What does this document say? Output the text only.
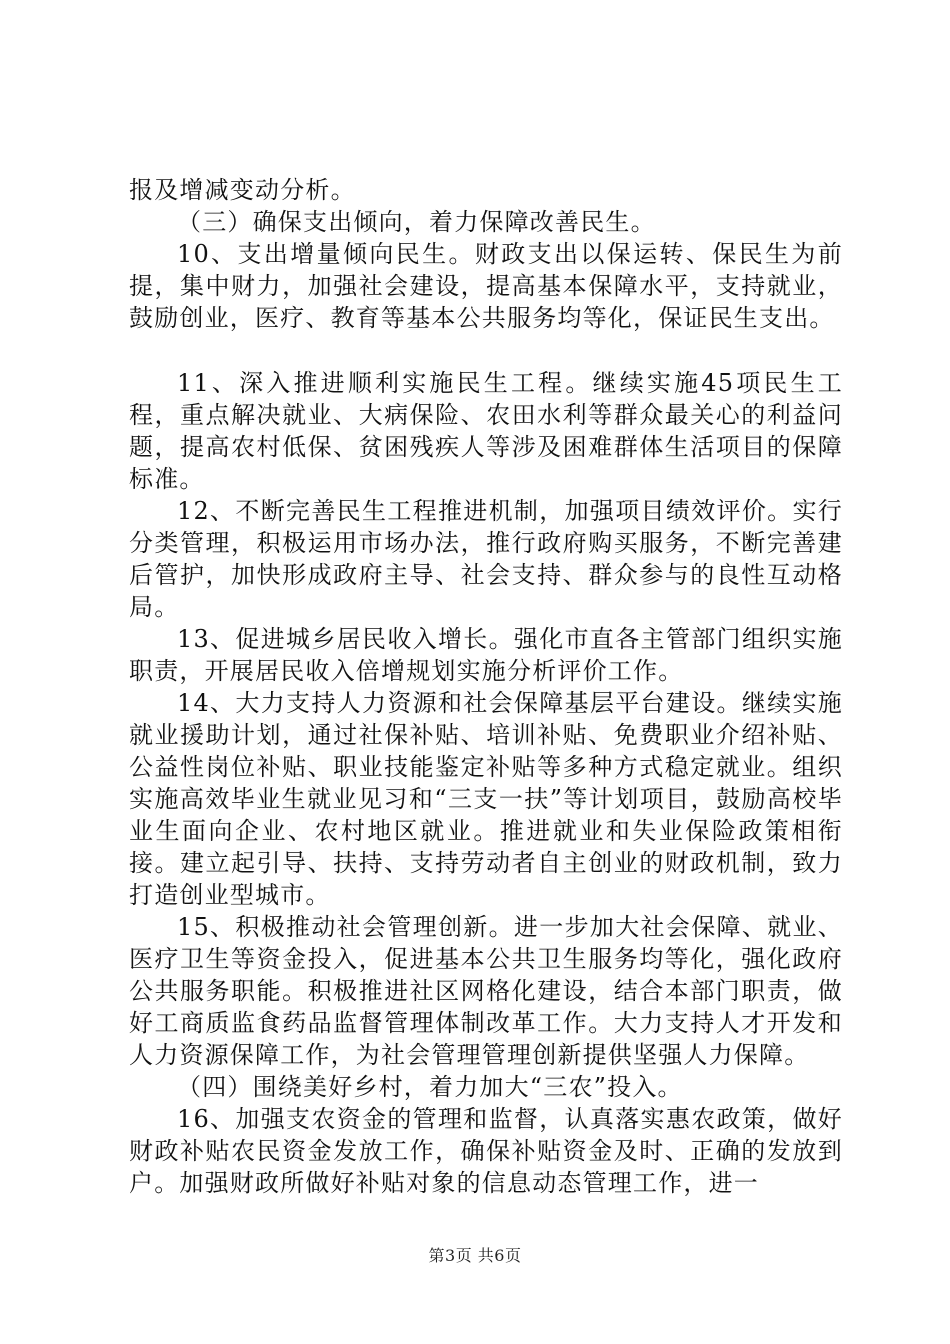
报及增减变动分析。

（三）确保支出倾向，着力保障改善民生。

10、支出增量倾向民生。财政支出以保运转、保民生为前提，集中财力，加强社会建设，提高基本保障水平，支持就业，鼓励创业，医疗、教育等基本公共服务均等化，保证民生支出。

11、深入推进顺利实施民生工程。继续实施45项民生工程，重点解决就业、大病保险、农田水利等群众最关心的利益问题，提高农村低保、贫困残疾人等涉及困难群体生活项目的保障标准。

12、不断完善民生工程推进机制，加强项目绩效评价。实行分类管理，积极运用市场办法，推行政府购买服务，不断完善建后管护，加快形成政府主导、社会支持、群众参与的良性互动格局。

13、促进城乡居民收入增长。强化市直各主管部门组织实施职责，开展居民收入倍增规划实施分析评价工作。

14、大力支持人力资源和社会保障基层平台建设。继续实施就业援助计划，通过社保补贴、培训补贴、免费职业介绍补贴、公益性岗位补贴、职业技能鉴定补贴等多种方式稳定就业。组织实施高效毕业生就业见习和“三支一扶”等计划项目，鼓励高校毕业生面向企业、农村地区就业。推进就业和失业保险政策相衔接。建立起引导、扶持、支持劳动者自主创业的财政机制，致力打造创业型城市。

15、积极推动社会管理创新。进一步加大社会保障、就业、医疗卫生等资金投入，促进基本公共卫生服务均等化，强化政府公共服务职能。积极推进社区网格化建设，结合本部门职责，做好工商质监食药品监督管理体制改革工作。大力支持人才开发和人力资源保障工作，为社会管理管理创新提供坚强人力保障。

（四）围绕美好乡村，着力加大“三农”投入。

16、加强支农资金的管理和监督，认真落实惠农政策，做好财政补贴农民资金发放工作，确保补贴资金及时、正确的发放到户。加强财政所做好补贴对象的信息动态管理工作，进一

第3页 共6页
